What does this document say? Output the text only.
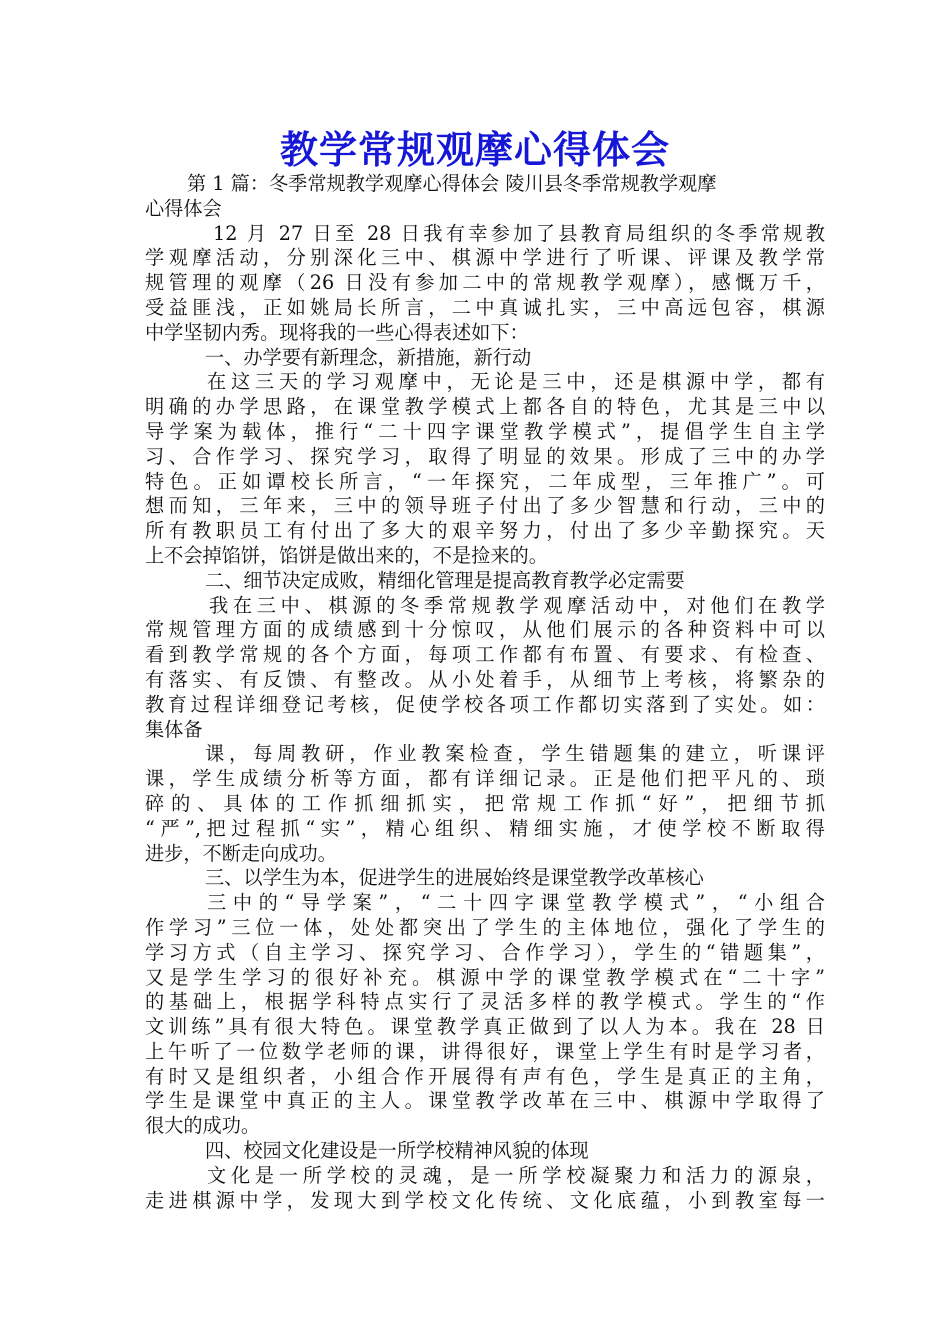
教学常规观摩心得体会
第 1 篇：冬季常规教学观摩心得体会 陵川县冬季常规教学观摩
心得体会
12 月 27 日至 28 日我有幸参加了县教育局组织的冬季常规教
学观摩活动，分别深化三中、棋源中学进行了听课、评课及教学常
规管理的观摩（26 日没有参加二中的常规教学观摩），感慨万千，
受益匪浅，正如姚局长所言，二中真诚扎实，三中高远包容，棋源
中学坚韧内秀。现将我的一些心得表述如下：
一、办学要有新理念，新措施，新行动
在这三天的学习观摩中，无论是三中，还是棋源中学，都有
明确的办学思路，在课堂教学模式上都各自的特色，尤其是三中以
导学案为载体，推行“二十四字课堂教学模式”，提倡学生自主学
习、合作学习、探究学习，取得了明显的效果。形成了三中的办学
特色。正如谭校长所言，“一年探究，二年成型，三年推广”。可
想而知，三年来，三中的领导班子付出了多少智慧和行动，三中的
所有教职员工有付出了多大的艰辛努力，付出了多少辛勤探究。天
上不会掉馅饼，馅饼是做出来的，不是捡来的。
二、细节决定成败，精细化管理是提高教育教学必定需要
我在三中、棋源的冬季常规教学观摩活动中，对他们在教学
常规管理方面的成绩感到十分惊叹，从他们展示的各种资料中可以
看到教学常规的各个方面，每项工作都有布置、有要求、有检查、
有落实、有反馈、有整改。从小处着手，从细节上考核，将繁杂的
教育过程详细登记考核，促使学校各项工作都切实落到了实处。如：
集体备
课，每周教研，作业教案检查，学生错题集的建立，听课评
课，学生成绩分析等方面，都有详细记录。正是他们把平凡的、琐
碎的、具体的工作抓细抓实，把常规工作抓“好”，把细节抓
“严”,把过程抓“实”，精心组织、精细实施，才使学校不断取得
进步，不断走向成功。
三、以学生为本，促进学生的进展始终是课堂教学改革核心
三中的“导学案”，“二十四字课堂教学模式”，“小组合
作学习”三位一体，处处都突出了学生的主体地位，强化了学生的
学习方式（自主学习、探究学习、合作学习），学生的“错题集”，
又是学生学习的很好补充。棋源中学的课堂教学模式在“二十字”
的基础上，根据学科特点实行了灵活多样的教学模式。学生的“作
文训练”具有很大特色。课堂教学真正做到了以人为本。我在 28 日
上午听了一位数学老师的课，讲得很好，课堂上学生有时是学习者，
有时又是组织者，小组合作开展得有声有色，学生是真正的主角，
学生是课堂中真正的主人。课堂教学改革在三中、棋源中学取得了
很大的成功。
四、校园文化建设是一所学校精神风貌的体现
文化是一所学校的灵魂，是一所学校凝聚力和活力的源泉，
走进棋源中学，发现大到学校文化传统、文化底蕴，小到教室每一
